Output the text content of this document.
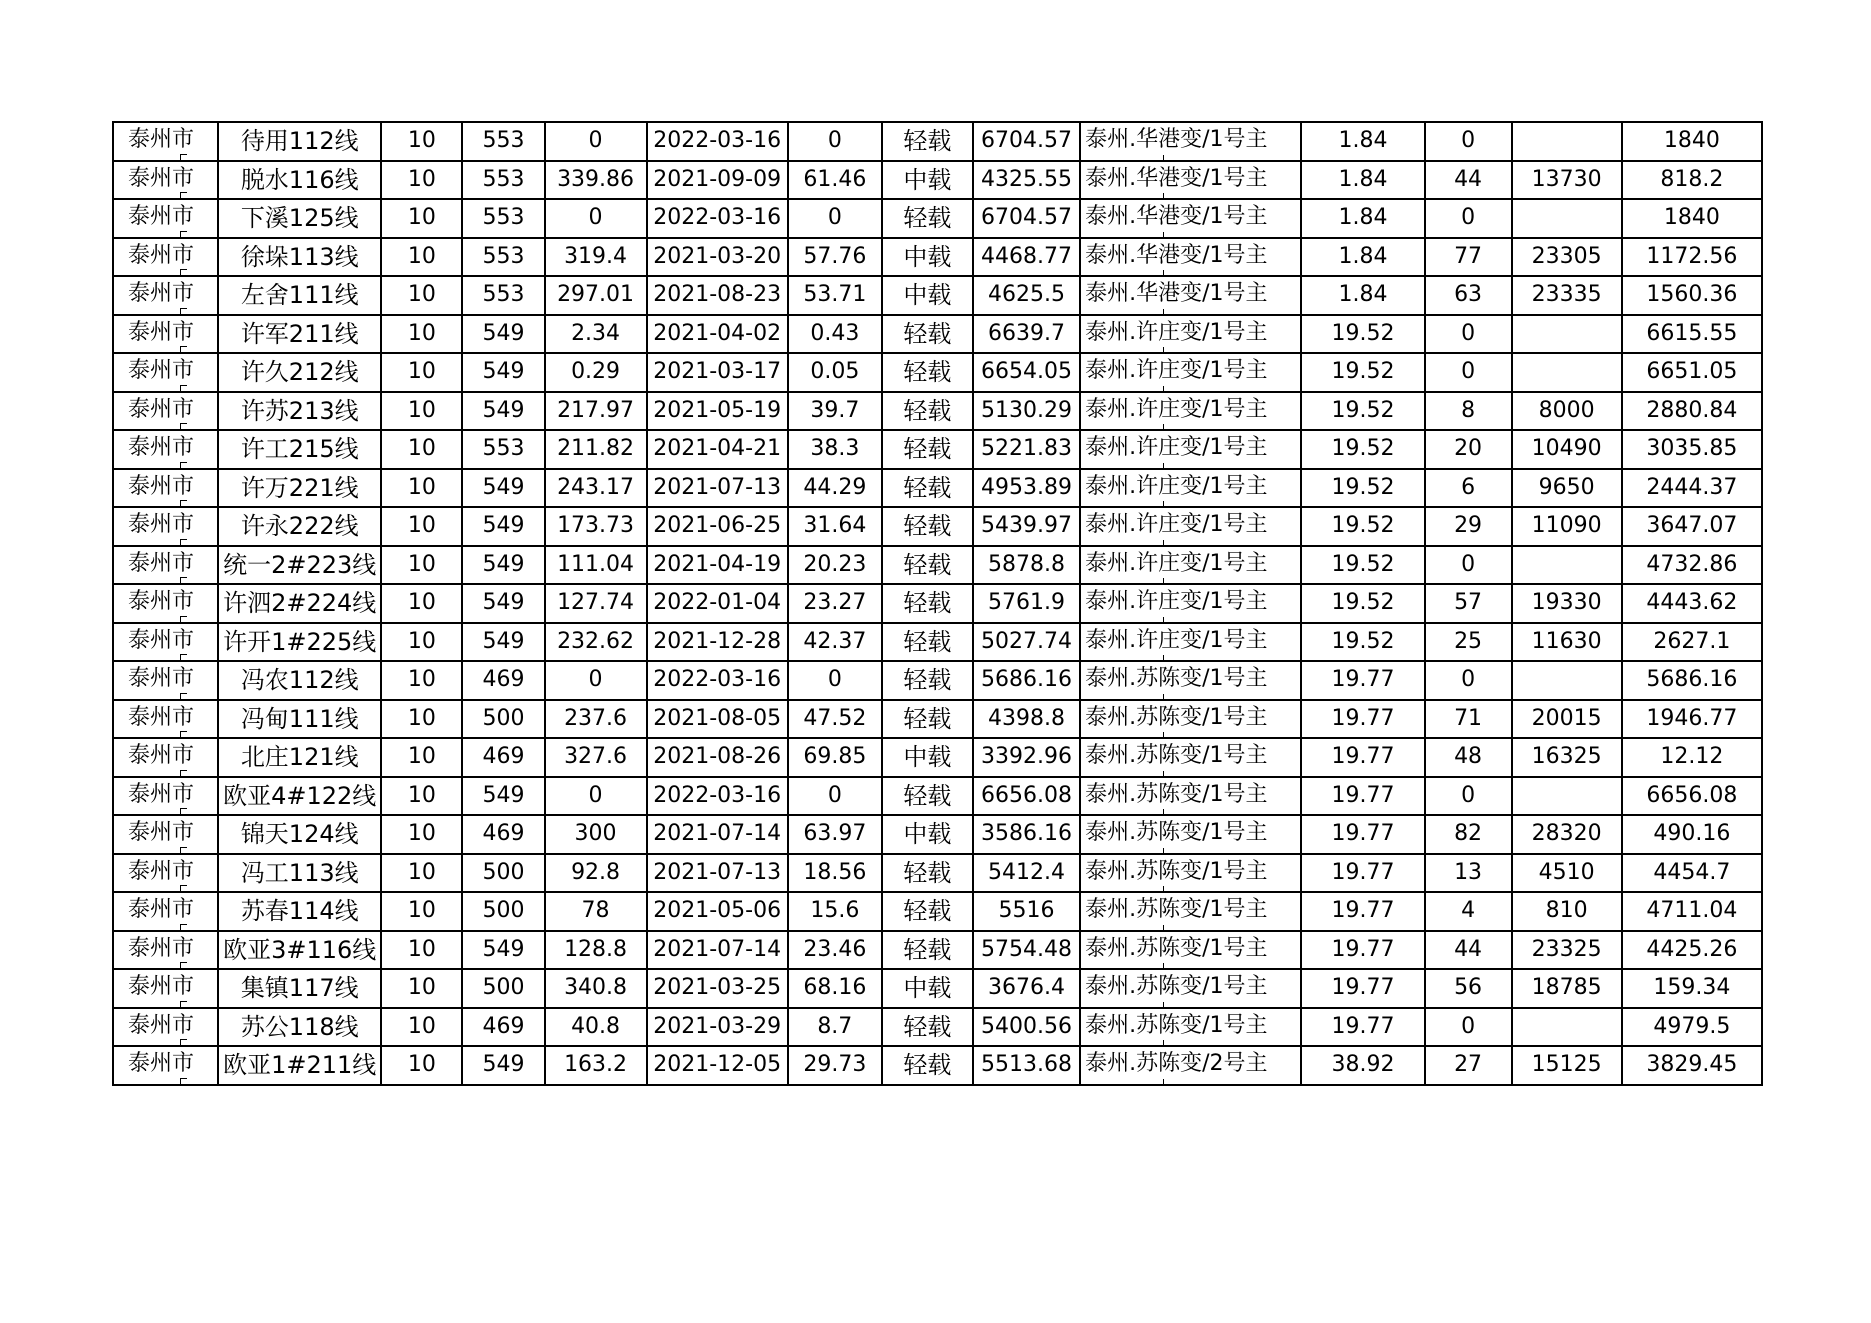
泰州市	待用112线	10	553	0	2022-03-16	0	轻载	6704.57	泰州.华港变/1号主	1.84	0		1840
泰州市	脱水116线	10	553	339.86	2021-09-09	61.46	中载	4325.55	泰州.华港变/1号主	1.84	44	13730	818.2
泰州市	下溪125线	10	553	0	2022-03-16	0	轻载	6704.57	泰州.华港变/1号主	1.84	0		1840
泰州市	徐垛113线	10	553	319.4	2021-03-20	57.76	中载	4468.77	泰州.华港变/1号主	1.84	77	23305	1172.56
泰州市	左舍111线	10	553	297.01	2021-08-23	53.71	中载	4625.5	泰州.华港变/1号主	1.84	63	23335	1560.36
泰州市	许军211线	10	549	2.34	2021-04-02	0.43	轻载	6639.7	泰州.许庄变/1号主	19.52	0		6615.55
泰州市	许久212线	10	549	0.29	2021-03-17	0.05	轻载	6654.05	泰州.许庄变/1号主	19.52	0		6651.05
泰州市	许苏213线	10	549	217.97	2021-05-19	39.7	轻载	5130.29	泰州.许庄变/1号主	19.52	8	8000	2880.84
泰州市	许工215线	10	553	211.82	2021-04-21	38.3	轻载	5221.83	泰州.许庄变/1号主	19.52	20	10490	3035.85
泰州市	许万221线	10	549	243.17	2021-07-13	44.29	轻载	4953.89	泰州.许庄变/1号主	19.52	6	9650	2444.37
泰州市	许永222线	10	549	173.73	2021-06-25	31.64	轻载	5439.97	泰州.许庄变/1号主	19.52	29	11090	3647.07
泰州市	统一2#223线	10	549	111.04	2021-04-19	20.23	轻载	5878.8	泰州.许庄变/1号主	19.52	0		4732.86
泰州市	许泗2#224线	10	549	127.74	2022-01-04	23.27	轻载	5761.9	泰州.许庄变/1号主	19.52	57	19330	4443.62
泰州市	许开1#225线	10	549	232.62	2021-12-28	42.37	轻载	5027.74	泰州.许庄变/1号主	19.52	25	11630	2627.1
泰州市	冯农112线	10	469	0	2022-03-16	0	轻载	5686.16	泰州.苏陈变/1号主	19.77	0		5686.16
泰州市	冯甸111线	10	500	237.6	2021-08-05	47.52	轻载	4398.8	泰州.苏陈变/1号主	19.77	71	20015	1946.77
泰州市	北庄121线	10	469	327.6	2021-08-26	69.85	中载	3392.96	泰州.苏陈变/1号主	19.77	48	16325	12.12
泰州市	欧亚4#122线	10	549	0	2022-03-16	0	轻载	6656.08	泰州.苏陈变/1号主	19.77	0		6656.08
泰州市	锦天124线	10	469	300	2021-07-14	63.97	中载	3586.16	泰州.苏陈变/1号主	19.77	82	28320	490.16
泰州市	冯工113线	10	500	92.8	2021-07-13	18.56	轻载	5412.4	泰州.苏陈变/1号主	19.77	13	4510	4454.7
泰州市	苏春114线	10	500	78	2021-05-06	15.6	轻载	5516	泰州.苏陈变/1号主	19.77	4	810	4711.04
泰州市	欧亚3#116线	10	549	128.8	2021-07-14	23.46	轻载	5754.48	泰州.苏陈变/1号主	19.77	44	23325	4425.26
泰州市	集镇117线	10	500	340.8	2021-03-25	68.16	中载	3676.4	泰州.苏陈变/1号主	19.77	56	18785	159.34
泰州市	苏公118线	10	469	40.8	2021-03-29	8.7	轻载	5400.56	泰州.苏陈变/1号主	19.77	0		4979.5
泰州市	欧亚1#211线	10	549	163.2	2021-12-05	29.73	轻载	5513.68	泰州.苏陈变/2号主	38.92	27	15125	3829.45
